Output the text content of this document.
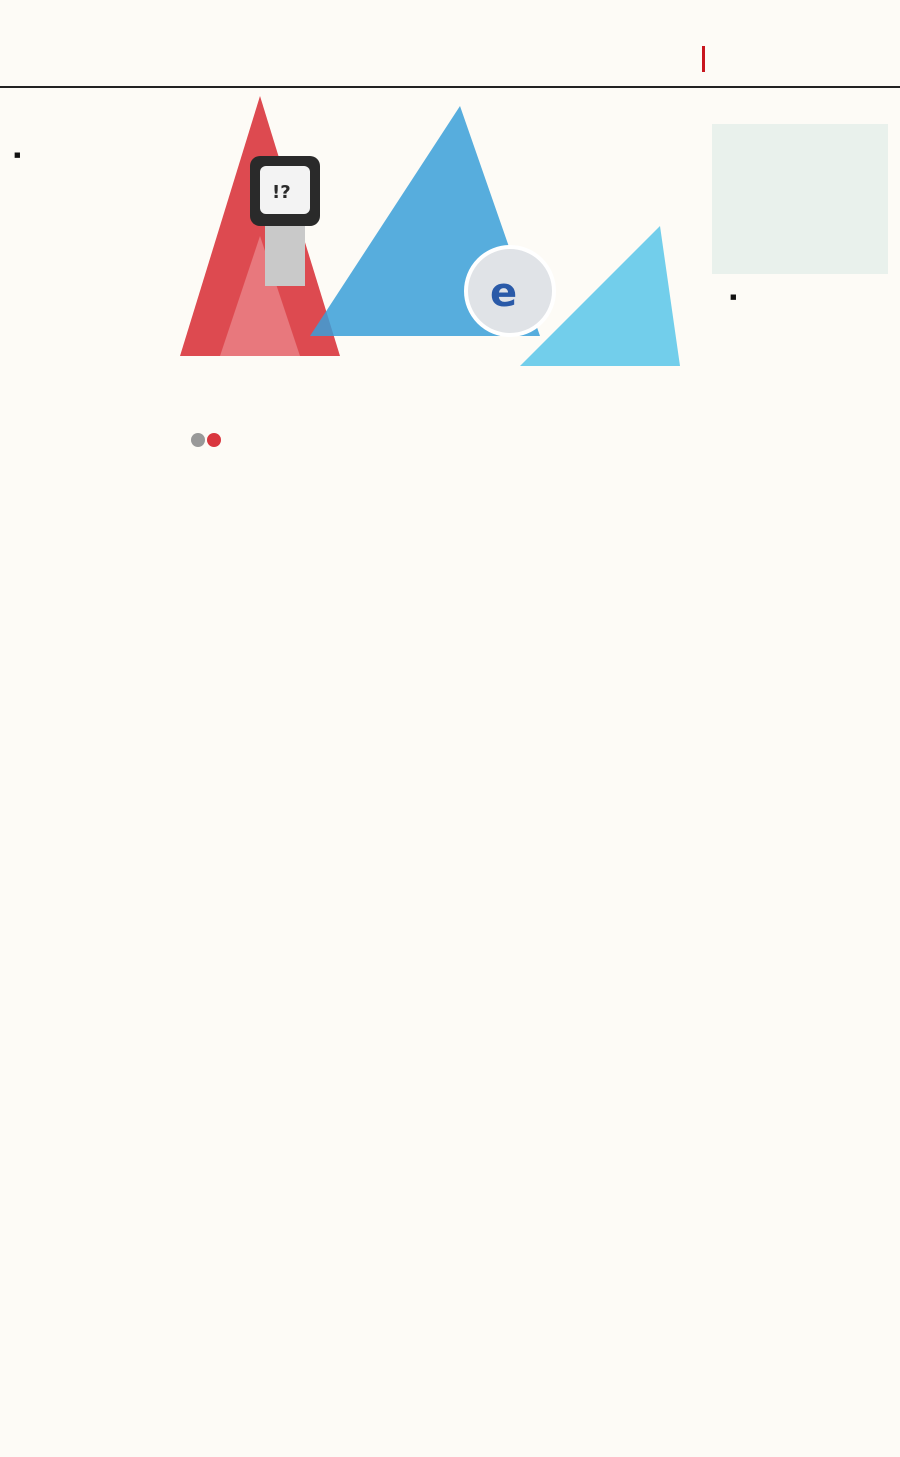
!?
e
■

■
